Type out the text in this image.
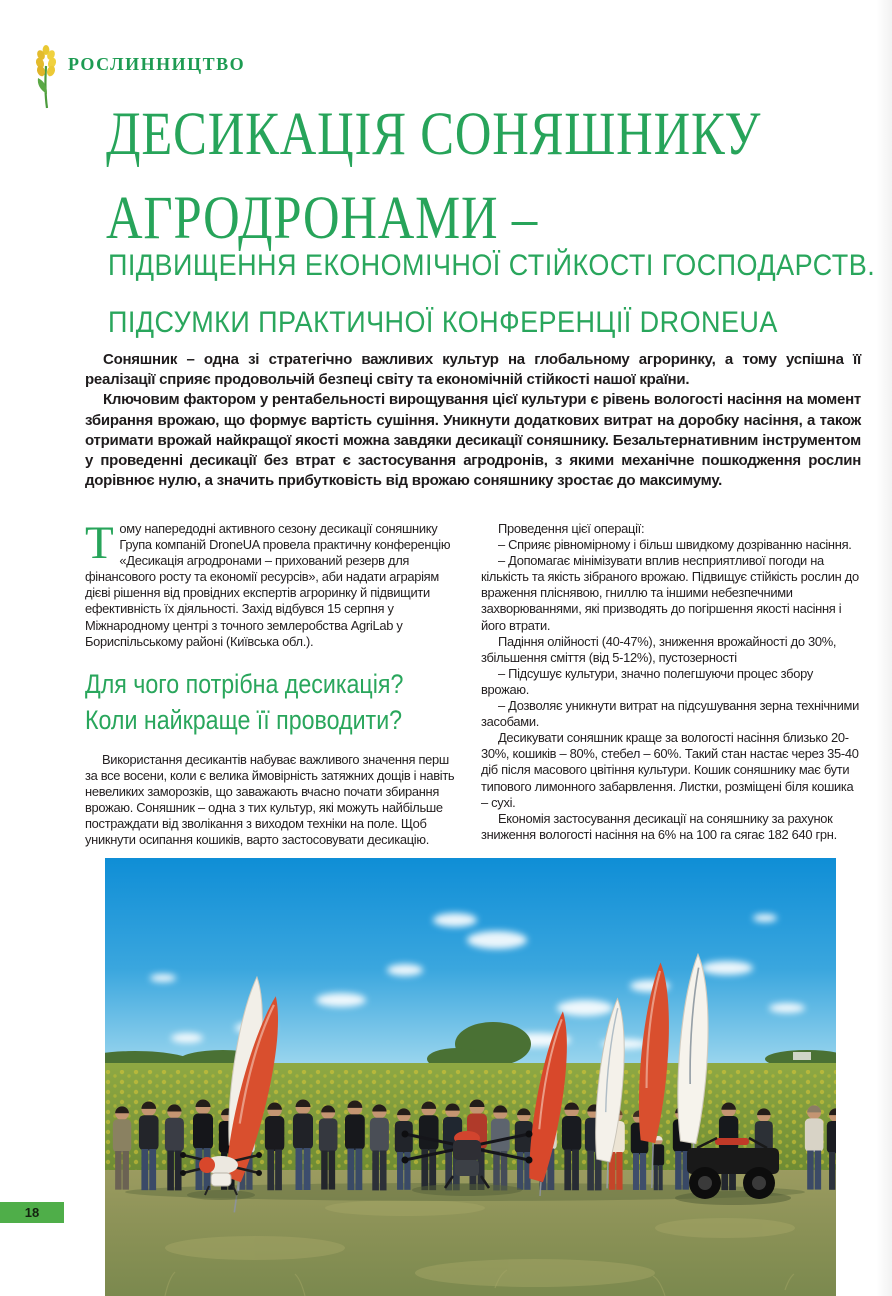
РОСЛИННИЦТВО
ДЕСИКАЦІЯ СОНЯШНИКУ
АГРОДРОНАМИ –
ПІДВИЩЕННЯ ЕКОНОМІЧНОЇ СТІЙКОСТІ ГОСПОДАРСТВ.
ПІДСУМКИ ПРАКТИЧНОЇ КОНФЕРЕНЦІЇ DRONEUA

Соняшник – одна зі стратегічно важливих культур на глобальному агроринку, а тому успішна її реалізації сприяє продовольчій безпеці світу та економічній стійкості нашої країни.

Ключовим фактором у рентабельності вирощування цієї культури є рівень вологості насіння на момент збирання врожаю, що формує вартість сушіння. Уникнути додаткових витрат на доробку насіння, а також отримати врожай найкращої якості можна завдяки десикації соняшнику. Безальтернативним інструментом у проведенні десикації без втрат є застосування агродронів, з якими механічне пошкодження рослин дорівнює нулю, а значить прибутковість від врожаю соняшнику зростає до максимуму.

Тому напередодні активного сезону десикації соняшнику Група компаній DroneUA провела практичну конференцію «Десикація агродронами – прихований резерв для фінансового росту та економії ресурсів», аби надати аграріям дієві рішення від провідних експертів агроринку й підвищити ефективність їх діяльності. Захід відбувся 15 серпня у Міжнародному центрі з точного землеробства AgriLab у Бориспільському районі (Київська обл.).

Для чого потрібна десикація?
Коли найкраще її проводити?

Використання десикантів набуває важливого значення перш за все восени, коли є велика ймовірність затяжних дощів і навіть невеликих заморозків, що заважають вчасно почати збирання врожаю. Соняшник – одна з тих культур, які можуть найбільше постраждати від зволікання з виходом техніки на поле. Щоб уникнути осипання кошиків, варто застосовувати десикацію.

Проведення цієї операції:

– Сприяє рівномірному і більш швидкому дозріванню насіння.

– Допомагає мінімізувати вплив несприятливої погоди на кількість та якість зібраного врожаю. Підвищує стійкість рослин до враження пліснявою, гниллю та іншими небезпечними захворюваннями, які призводять до погіршення якості насіння і його втрати.

Падіння олійності (40-47%), зниження врожайності до 30%, збільшення сміття (від 5-12%), пустозерності

– Підсушує культури, значно полегшуючи процес збору врожаю.

– Дозволяє уникнути витрат на підсушування зерна технічними засобами.

Десикувати соняшник краще за вологості насіння близько 20-30%, кошиків – 80%, стебел – 60%. Такий стан настає через 35-40 діб після масового цвітіння культури. Кошик соняшнику має бути типового лимонного забарвлення. Листки, розміщені біля кошика – сухі.

Економія застосування десикації на соняшнику за рахунок зниження вологості насіння на 6% на 100 га сягає 182 640 грн.

18
